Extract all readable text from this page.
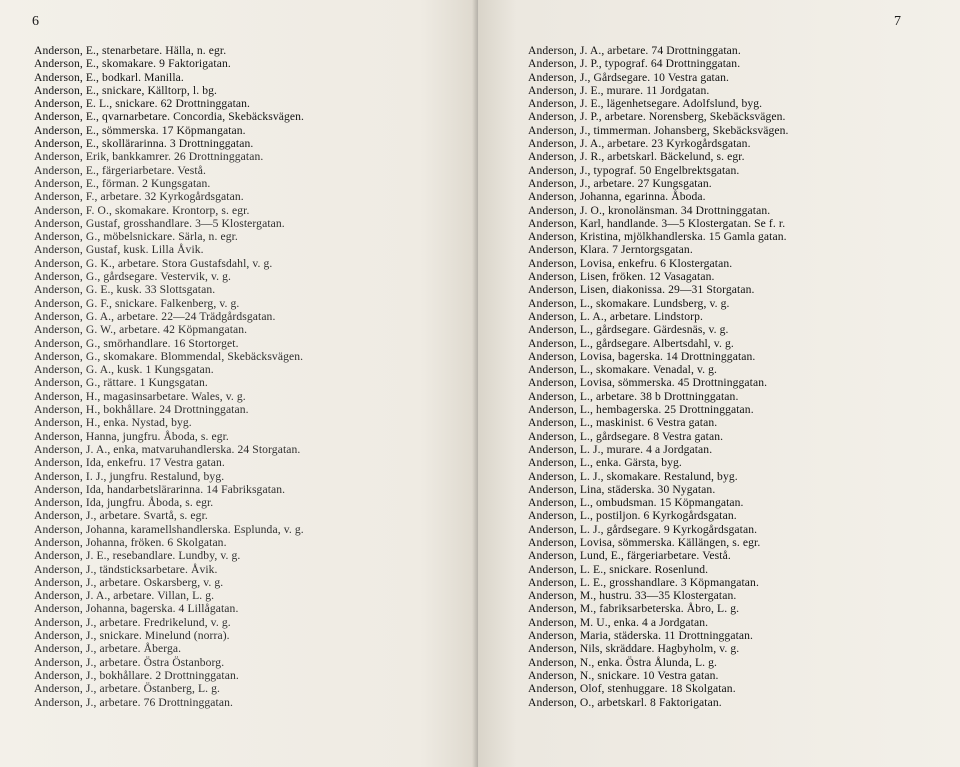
6
Anderson, E., stenarbetare. Hälla, n. egr.
Anderson, E., skomakare. 9 Faktorigatan.
Anderson, E., bodkarl. Manilla.
Anderson, E., snickare, Källtorp, l. bg.
Anderson, E. L., snickare. 62 Drottninggatan.
Anderson, E., qvarnarbetare. Concordia, Skebäcksvägen.
Anderson, E., sömmerska. 17 Köpmangatan.
Anderson, E., skollärarinna. 3 Drottninggatan.
Anderson, Erik, bankkamrer. 26 Drottninggatan.
Anderson, E., färgeriarbetare. Vestå.
Anderson, E., förman. 2 Kungsgatan.
Anderson, F., arbetare. 32 Kyrkogårdsgatan.
Anderson, F. O., skomakare. Krontorp, s. egr.
Anderson, Gustaf, grosshandlare. 3—5 Klostergatan.
Anderson, G., möbelsnickare. Särla, n. egr.
Anderson, Gustaf, kusk. Lilla Åvik.
Anderson, G. K., arbetare. Stora Gustafsdahl, v. g.
Anderson, G., gårdsegare. Vestervik, v. g.
Anderson, G. E., kusk. 33 Slottsgatan.
Anderson, G. F., snickare. Falkenberg, v. g.
Anderson, G. A., arbetare. 22—24 Trädgårdsgatan.
Anderson, G. W., arbetare. 42 Köpmangatan.
Anderson, G., smörhandlare. 16 Stortorget.
Anderson, G., skomakare. Blommendal, Skebäcksvägen.
Anderson, G. A., kusk. 1 Kungsgatan.
Anderson, G., rättare. 1 Kungsgatan.
Anderson, H., magasinsarbetare. Wales, v. g.
Anderson, H., bokhållare. 24 Drottninggatan.
Anderson, H., enka. Nystad, byg.
Anderson, Hanna, jungfru. Åboda, s. egr.
Anderson, J. A., enka, matvaruhandlerska. 24 Storgatan.
Anderson, Ida, enkefru. 17 Vestra gatan.
Anderson, I. J., jungfru. Restalund, byg.
Anderson, Ida, handarbetslärarinna. 14 Fabriksgatan.
Anderson, Ida, jungfru. Åboda, s. egr.
Anderson, J., arbetare. Svartå, s. egr.
Anderson, Johanna, karamellshandlerska. Esplunda, v. g.
Anderson, Johanna, fröken. 6 Skolgatan.
Anderson, J. E., resebandlare. Lundby, v. g.
Anderson, J., tändsticksarbetare. Åvik.
Anderson, J., arbetare. Oskarsberg, v. g.
Anderson, J. A., arbetare. Villan, L. g.
Anderson, Johanna, bagerska. 4 Lillågatan.
Anderson, J., arbetare. Fredrikelund, v. g.
Anderson, J., snickare. Minelund (norra).
Anderson, J., arbetare. Åberga.
Anderson, J., arbetare. Östra Östanborg.
Anderson, J., bokhållare. 2 Drottninggatan.
Anderson, J., arbetare. Östanberg, L. g.
Anderson, J., arbetare. 76 Drottninggatan.
7
Anderson, J. A., arbetare. 74 Drottninggatan.
Anderson, J. P., typograf. 64 Drottninggatan.
Anderson, J., Gårdsegare. 10 Vestra gatan.
Anderson, J. E., murare. 11 Jordgatan.
Anderson, J. E., lägenhetsegare. Adolfslund, byg.
Anderson, J. P., arbetare. Norensberg, Skebäcksvägen.
Anderson, J., timmerman. Johansberg, Skebäcksvägen.
Anderson, J. A., arbetare. 23 Kyrkogårdsgatan.
Anderson, J. R., arbetskarl. Bäckelund, s. egr.
Anderson, J., typograf. 50 Engelbrektsgatan.
Anderson, J., arbetare. 27 Kungsgatan.
Anderson, Johanna, egarinna. Åboda.
Anderson, J. O., kronolänsman. 34 Drottninggatan.
Anderson, Karl, handlande. 3—5 Klostergatan. Se f. r.
Anderson, Kristina, mjölkhandlerska. 15 Gamla gatan.
Anderson, Klara. 7 Jerntorgsgatan.
Anderson, Lovisa, enkefru. 6 Klostergatan.
Anderson, Lisen, fröken. 12 Vasagatan.
Anderson, Lisen, diakonissa. 29—31 Storgatan.
Anderson, L., skomakare. Lundsberg, v. g.
Anderson, L. A., arbetare. Lindstorp.
Anderson, L., gårdsegare. Gärdesnäs, v. g.
Anderson, L., gårdsegare. Albertsdahl, v. g.
Anderson, Lovisa, bagerska. 14 Drottninggatan.
Anderson, L., skomakare. Venadal, v. g.
Anderson, Lovisa, sömmerska. 45 Drottninggatan.
Anderson, L., arbetare. 38 b Drottninggatan.
Anderson, L., hembagerska. 25 Drottninggatan.
Anderson, L., maskinist. 6 Vestra gatan.
Anderson, L., gårdsegare. 8 Vestra gatan.
Anderson, L. J., murare. 4 a Jordgatan.
Anderson, L., enka. Gärsta, byg.
Anderson, L. J., skomakare. Restalund, byg.
Anderson, Lina, städerska. 30 Nygatan.
Anderson, L., ombudsman. 15 Köpmangatan.
Anderson, L., postiljon. 6 Kyrkogårdsgatan.
Anderson, L. J., gårdsegare. 9 Kyrkogårdsgatan.
Anderson, Lovisa, sömmerska. Källängen, s. egr.
Anderson, Lund, E., färgeriarbetare. Vestå.
Anderson, L. E., snickare. Rosenlund.
Anderson, L. E., grosshandlare. 3 Köpmangatan.
Anderson, M., hustru. 33—35 Klostergatan.
Anderson, M., fabriksarbeterska. Åbro, L. g.
Anderson, M. U., enka. 4 a Jordgatan.
Anderson, Maria, städerska. 11 Drottninggatan.
Anderson, Nils, skräddare. Hagbyholm, v. g.
Anderson, N., enka. Östra Ålunda, L. g.
Anderson, N., snickare. 10 Vestra gatan.
Anderson, Olof, stenhuggare. 18 Skolgatan.
Anderson, O., arbetskarl. 8 Faktorigatan.
